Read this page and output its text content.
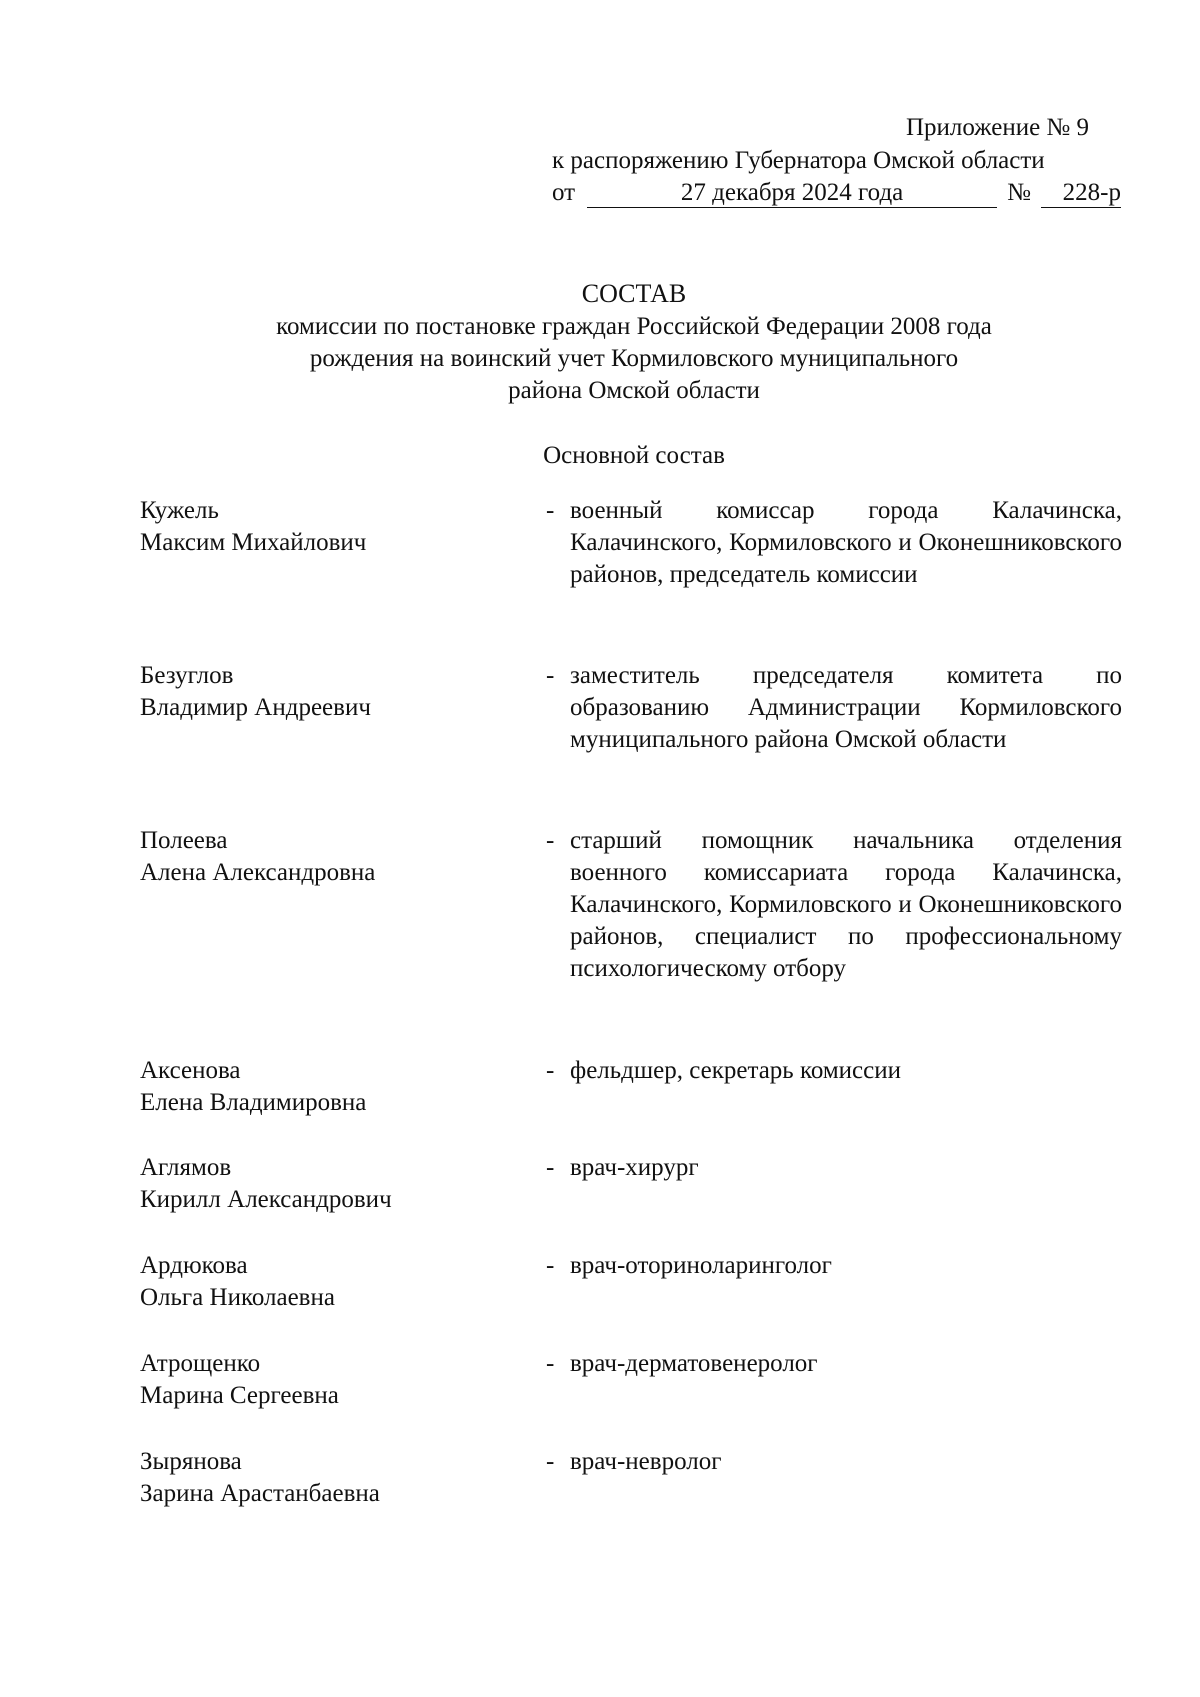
Приложение № 9
к распоряжению Губернатора Омской области
от	27 декабря 2024 года	№ 228-р
СОСТАВ
комиссии по постановке граждан Российской Федерации 2008 года
рождения на воинский учет Кормиловского муниципального
района Омской области
Основной состав
Кужель
Максим Михайлович
- военный комиссар города Калачинска, Калачинского, Кормиловского и Оконешниковского районов, председатель комиссии
Безуглов
Владимир Андреевич
- заместитель председателя комитета по образованию Администрации Кормиловского муниципального района Омской области
Полеева
Алена Александровна
- старший помощник начальника отделения военного комиссариата города Калачинска, Калачинского, Кормиловского и Оконешниковского районов, специалист по профессиональному психологическому отбору
Аксенова
Елена Владимировна
- фельдшер, секретарь комиссии
Аглямов
Кирилл Александрович
- врач-хирург
Ардюкова
Ольга Николаевна
- врач-оториноларинголог
Атрощенко
Марина Сергеевна
- врач-дерматовенеролог
Зырянова
Зарина Арастанбаевна
- врач-невролог
